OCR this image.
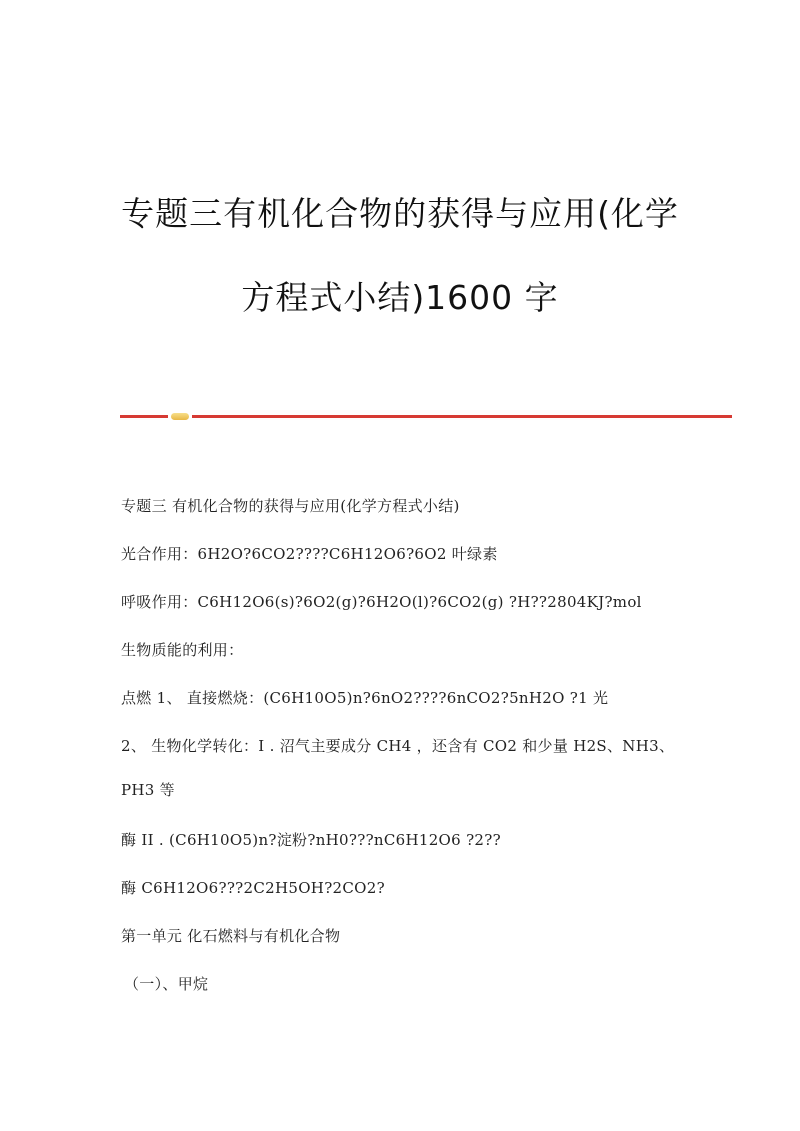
专题三有机化合物的获得与应用(化学
方程式小结)1600 字
专题三 有机化合物的获得与应用(化学方程式小结)
光合作用：6H2O?6CO2????C6H12O6?6O2 叶绿素
呼吸作用：C6H12O6(s)?6O2(g)?6H2O(l)?6CO2(g) ?H??2804KJ?mol
生物质能的利用：
点燃 1、 直接燃烧：(C6H10O5)n?6nO2????6nCO2?5nH2O ?1 光
2、 生物化学转化：I . 沼气主要成分 CH4 ，还含有 CO2 和少量 H2S、NH3、
PH3 等
酶 II . (C6H10O5)n?淀粉?nH0???nC6H12O6 ?2??
酶 C6H12O6???2C2H5OH?2CO2?
第一单元 化石燃料与有机化合物
（一）、甲烷
